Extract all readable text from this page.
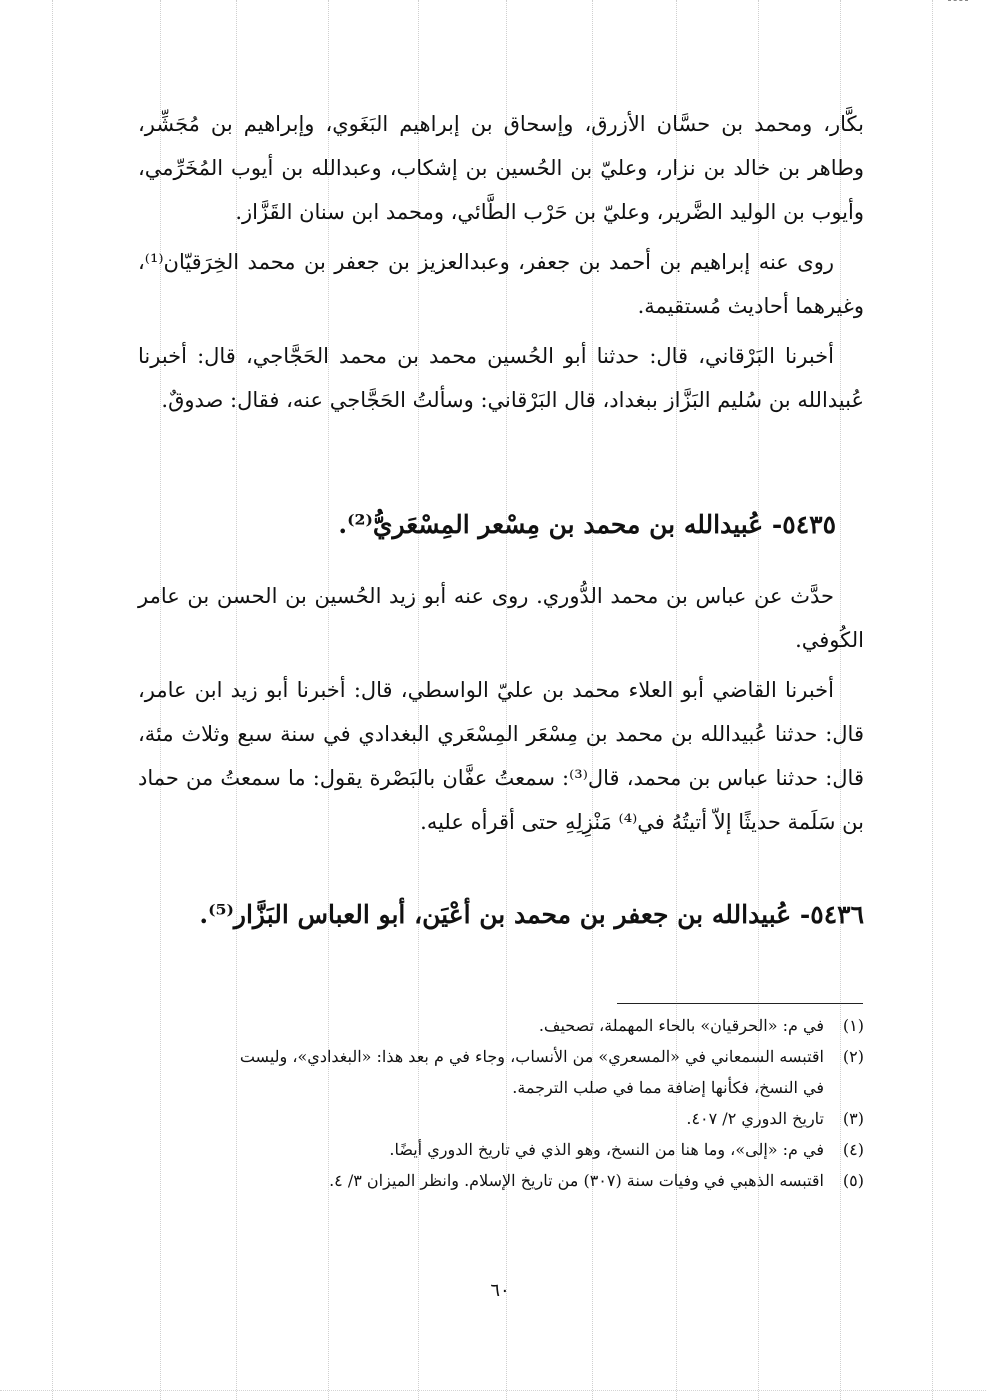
بكَّار، ومحمد بن حسَّان الأزرق، وإسحاق بن إبراهيم البَغَوي، وإبراهيم بن مُجَشِّر، وطاهر بن خالد بن نزار، وعليّ بن الحُسين بن إشكاب، وعبدالله بن أيوب المُخَرِّمي، وأيوب بن الوليد الضَّرير، وعليّ بن حَرْب الطَّائي، ومحمد ابن سنان القَزَّاز.

روى عنه إبراهيم بن أحمد بن جعفر، وعبدالعزيز بن جعفر بن محمد الخِرَقيّان⁽¹⁾، وغيرهما أحاديث مُستقيمة.

أخبرنا البَرْقاني، قال: حدثنا أبو الحُسين محمد بن محمد الحَجَّاجي، قال: أخبرنا عُبيدالله بن سُليم البَزَّاز ببغداد، قال البَرْقاني: وسألتُ الحَجَّاجي عنه، فقال: صدوقٌ.

٥٤٣٥- عُبيدالله بن محمد بن مِسْعر المِسْعَريُّ⁽²⁾.

حدَّث عن عباس بن محمد الدُّوري. روى عنه أبو زيد الحُسين بن الحسن بن عامر الكُوفي.

أخبرنا القاضي أبو العلاء محمد بن عليّ الواسطي، قال: أخبرنا أبو زيد ابن عامر، قال: حدثنا عُبيدالله بن محمد بن مِسْعَر المِسْعَري البغدادي في سنة سبع وثلاث مئة، قال: حدثنا عباس بن محمد، قال⁽³⁾: سمعتُ عفَّان بالبَصْرة يقول: ما سمعتُ من حماد بن سَلَمة حديثًا إلاّ أتيتُهُ في⁽⁴⁾ مَنْزِلِهِ حتى أقرأه عليه.

٥٤٣٦- عُبيدالله بن جعفر بن محمد بن أعْيَن، أبو العباس البَزَّار⁽⁵⁾.
(١)
في م: «الحرقيان» بالحاء المهملة، تصحيف.
(٢)
اقتبسه السمعاني في «المسعري» من الأنساب، وجاء في م بعد هذا: «البغدادي»، وليست في النسخ، فكأنها إضافة مما في صلب الترجمة.
(٣)
تاريخ الدوري ٢/ ٤٠٧.
(٤)
في م: «إلى»، وما هنا من النسخ، وهو الذي في تاريخ الدوري أيضًا.
(٥)
اقتبسه الذهبي في وفيات سنة (٣٠٧) من تاريخ الإسلام. وانظر الميزان ٣/ ٤.
٦٠
